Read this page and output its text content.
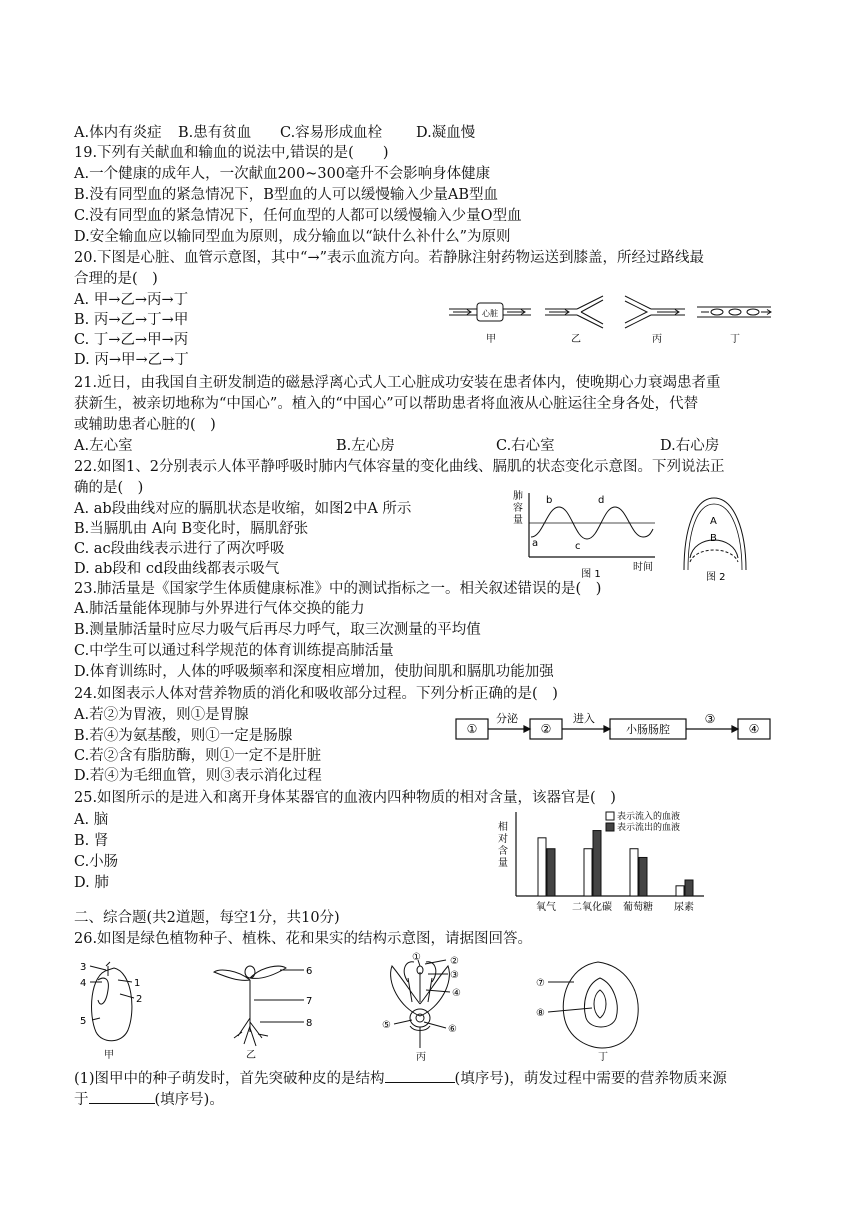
A.体内有炎症 B.患有贫血 C.容易形成血栓 D.凝血慢
19.下列有关献血和输血的说法中,错误的是(　　)
A.一个健康的成年人，一次献血200~300毫升不会影响身体健康
B.没有同型血的紧急情况下，B型血的人可以缓慢输入少量AB型血
C.没有同型血的紧急情况下，任何血型的人都可以缓慢输入少量O型血
D.安全输血应以输同型血为原则，成分输血以“缺什么补什么”为原则
20.下图是心脏、血管示意图，其中“→”表示血流方向。若静脉注射药物运送到膝盖，所经过路线最
合理的是(　)
A. 甲→乙→丙→丁
B. 丙→乙→丁→甲
C. 丁→乙→甲→丙
D. 丙→甲→乙→丁
心脏
甲	乙	丙	丁
21.近日，由我国自主研发制造的磁悬浮离心式人工心脏成功安装在患者体内，使晚期心力衰竭患者重
获新生，被亲切地称为“中国心”。植入的“中国心”可以帮助患者将血液从心脏运往全身各处，代替
或辅助患者心脏的(　)
A.左心室	B.左心房	C.右心室	D.右心房
22.如图1、2分别表示人体平静呼吸时肺内气体容量的变化曲线、膈肌的状态变化示意图。下列说法正
确的是(　)
A. ab段曲线对应的膈肌状态是收缩，如图2中A 所示
B.当膈肌由 A向 B变化时，膈肌舒张
C. ac段曲线表示进行了两次呼吸
D. ab段和 cd段曲线都表示吸气
肺
容
量
a
b
c
d
时间
图 1
A
B
图 2
23.肺活量是《国家学生体质健康标准》中的测试指标之一。相关叙述错误的是(　)
A.肺活量能体现肺与外界进行气体交换的能力
B.测量肺活量时应尽力吸气后再尽力呼气，取三次测量的平均值
C.中学生可以通过科学规范的体育训练提高肺活量
D.体育训练时，人体的呼吸频率和深度相应增加，使肋间肌和膈肌功能加强
24.如图表示人体对营养物质的消化和吸收部分过程。下列分析正确的是(　)
A.若②为胃液，则①是胃腺
B.若④为氨基酸，则①一定是肠腺
C.若②含有脂肪酶，则①一定不是肝脏
D.若④为毛细血管，则③表示消化过程
①	②	小肠肠腔	④
分泌	进入	③
25.如图所示的是进入和离开身体某器官的血液内四种物质的相对含量，该器官是(　)
A. 脑
B. 肾
C.小肠
D. 肺
相
对
含
量
表示流入的血液
表示流出的血液
氧气 二氧化碳 葡萄糖 尿素
二、综合题(共2道题，每空1分，共10分)
26.如图是绿色植物种子、植株、花和果实的结构示意图，请据图回答。
3
4	1
2
5
甲
6
7
8
乙
①	②
③
④
⑤	⑥
丙
⑦
⑧
丁
(1)图甲中的种子萌发时，首先突破种皮的是结构	(填序号)，萌发过程中需要的营养物质来源
于	(填序号)。
